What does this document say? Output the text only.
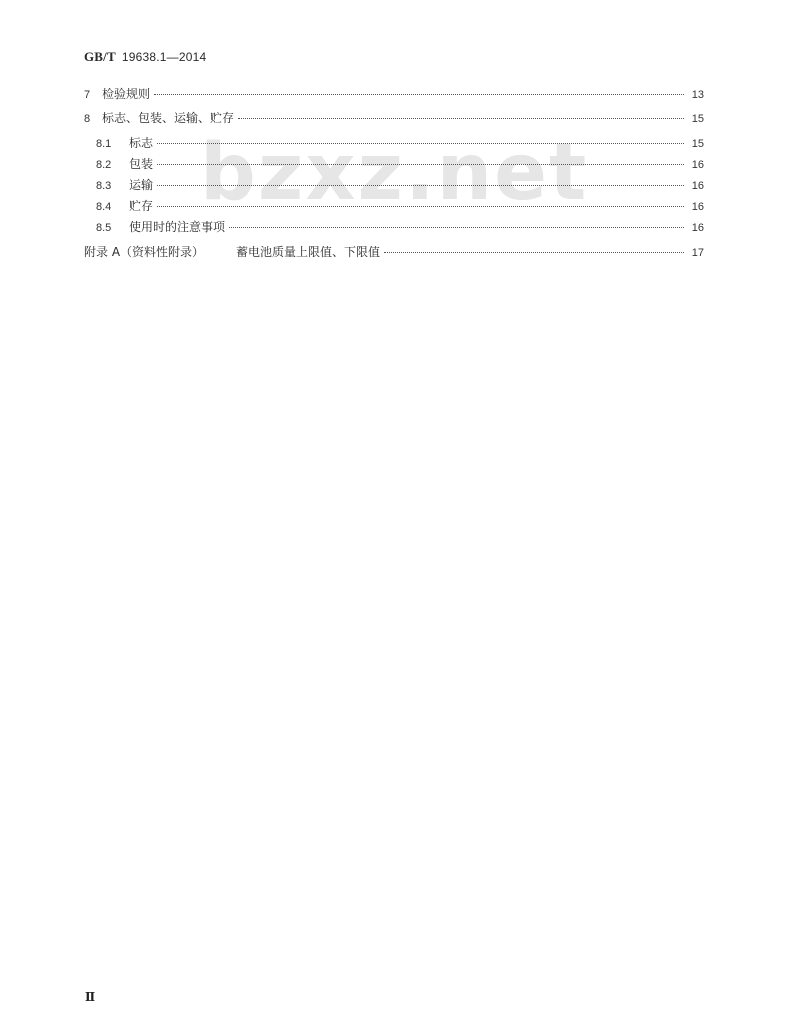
GB/T 19638.1—2014
bzxz.net
7 检验规则	13
8 标志、包装、运输、贮存	15
8.1	标志	15
8.2	包装	16
8.3	运输	16
8.4	贮存	16
8.5	使用时的注意事项	16
附录 A（资料性附录）	蓄电池质量上限值、下限值	17
Ⅱ
